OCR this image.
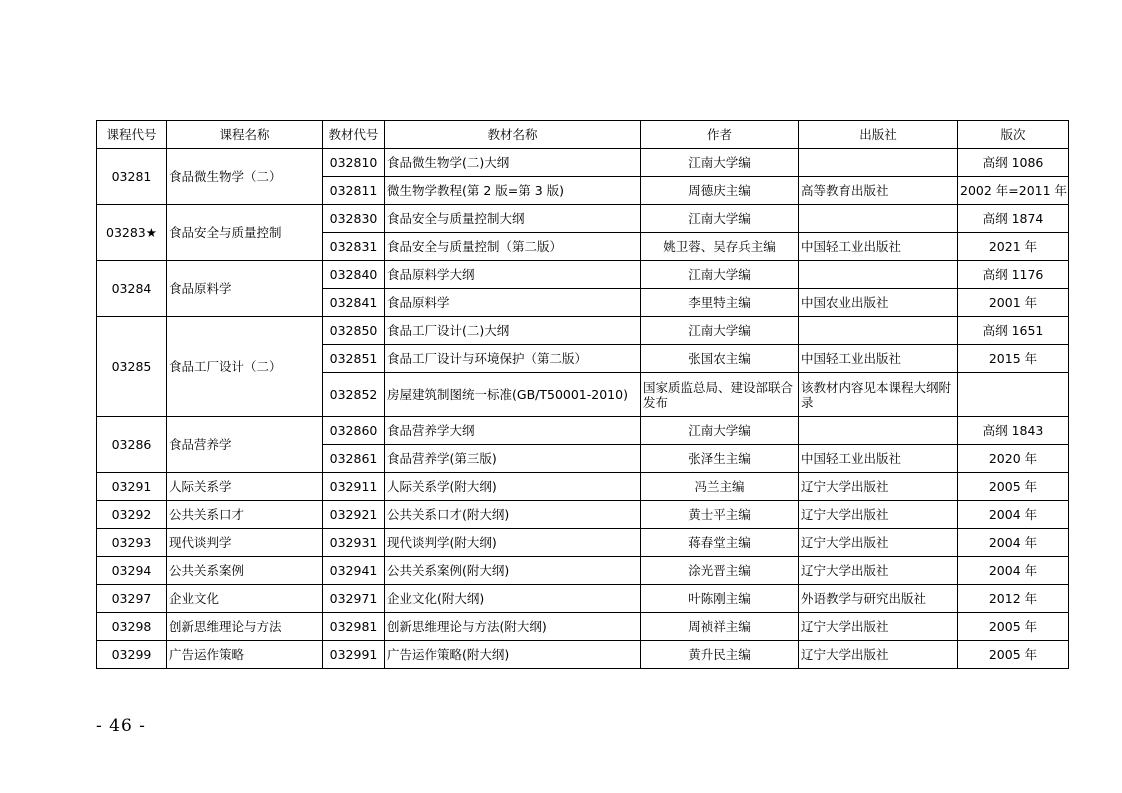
课程代号	课程名称	教材代号	教材名称	作者	出版社	版次
03281	食品微生物学（二）	032810	食品微生物学(二)大纲	江南大学编		高纲 1086
		032811	微生物学教程(第 2 版=第 3 版)	周德庆主编	高等教育出版社	2002 年=2011 年
03283★	食品安全与质量控制	032830	食品安全与质量控制大纲	江南大学编		高纲 1874
		032831	食品安全与质量控制（第二版）	姚卫蓉、吴存兵主编	中国轻工业出版社	2021 年
03284	食品原料学	032840	食品原料学大纲	江南大学编		高纲 1176
		032841	食品原料学	李里特主编	中国农业出版社	2001 年
03285	食品工厂设计（二）	032850	食品工厂设计(二)大纲	江南大学编		高纲 1651
		032851	食品工厂设计与环境保护（第二版）	张国农主编	中国轻工业出版社	2015 年
		032852	房屋建筑制图统一标准(GB/T50001-2010)	国家质监总局、建设部联合发布	该教材内容见本课程大纲附录	
03286	食品营养学	032860	食品营养学大纲	江南大学编		高纲 1843
		032861	食品营养学(第三版)	张泽生主编	中国轻工业出版社	2020 年
03291	人际关系学	032911	人际关系学(附大纲)	冯兰主编	辽宁大学出版社	2005 年
03292	公共关系口才	032921	公共关系口才(附大纲)	黄士平主编	辽宁大学出版社	2004 年
03293	现代谈判学	032931	现代谈判学(附大纲)	蒋春堂主编	辽宁大学出版社	2004 年
03294	公共关系案例	032941	公共关系案例(附大纲)	涂光晋主编	辽宁大学出版社	2004 年
03297	企业文化	032971	企业文化(附大纲)	叶陈刚主编	外语教学与研究出版社	2012 年
03298	创新思维理论与方法	032981	创新思维理论与方法(附大纲)	周祯祥主编	辽宁大学出版社	2005 年
03299	广告运作策略	032991	广告运作策略(附大纲)	黄升民主编	辽宁大学出版社	2005 年
- 46 -
